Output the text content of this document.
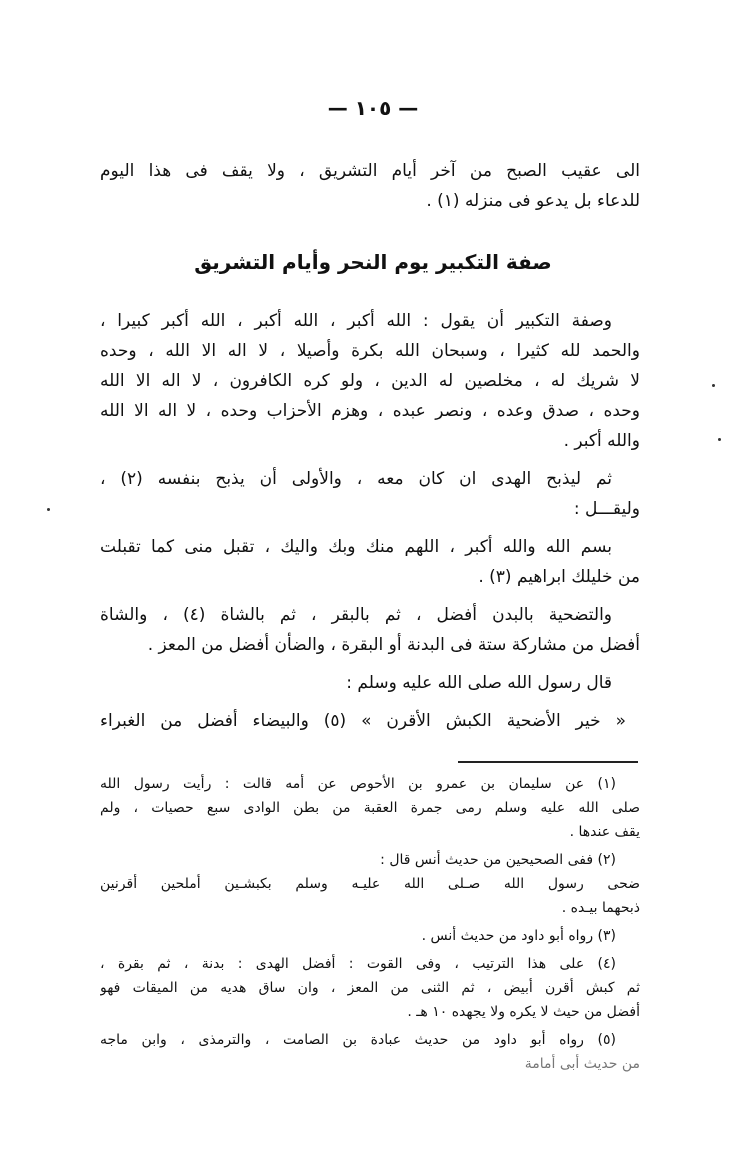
— ١٠٥ —

الى عقيب الصبح من آخر أيام التشريق ، ولا يقف فى هذا اليوم

للدعاء بل يدعو فى منزله (١) .

صفة التكبير يوم النحر وأيام التشريق

وصفة التكبير أن يقول : الله أكبر ، الله أكبر ، الله أكبر كبيرا ،

والحمد لله كثيرا ، وسبحان الله بكرة وأصيلا ، لا اله الا الله ، وحده

لا شريك له ، مخلصين له الدين ، ولو كره الكافرون ، لا اله الا الله

وحده ، صدق وعده ، ونصر عبده ، وهزم الأحزاب وحده ، لا اله الا الله

والله أكبر .

ثم ليذبح الهدى ان كان معه ، والأولى أن يذبح بنفسه (٢) ،

وليقـــل :

بسم الله والله أكبر ، اللهم منك وبك واليك ، تقبل منى كما تقبلت

من خليلك ابراهيم (٣) .

والتضحية بالبدن أفضل ، ثم بالبقر ، ثم بالشاة (٤) ، والشاة

أفضل من مشاركة ستة فى البدنة أو البقرة ، والضأن أفضل من المعز .

قال رسول الله صلى الله عليه وسلم :

« خير الأضحية الكبش الأقرن » (٥) والبيضاء أفضل من الغبراء

(١) عن سليمان بن عمرو بن الأحوص عن أمه قالت : رأيت رسول الله

صلى الله عليه وسلم رمى جمرة العقبة من بطن الوادى سبع حصيات ، ولم

يقف عندها .

(٢) ففى الصحيحين من حديث أنس قال :

ضحى رسول الله صـلى الله عليـه وسلم بكبشـين أملحين أقرنين

ذبحهما بيـده .

(٣) رواه أبو داود من حديث أنس .

(٤) على هذا الترتيب ، وفى القوت : أفضل الهدى : بدنة ، ثم بقرة ،

ثم كبش أقرن أبيض ، ثم الثنى من المعز ، وان ساق هديه من الميقات فهو

أفضل من حيث لا يكره ولا يجهده ١٠ هـ .

(٥) رواه أبو داود من حديث عبادة بن الصامت ، والترمذى ، وابن ماجه

من حديث أبى أمامة
